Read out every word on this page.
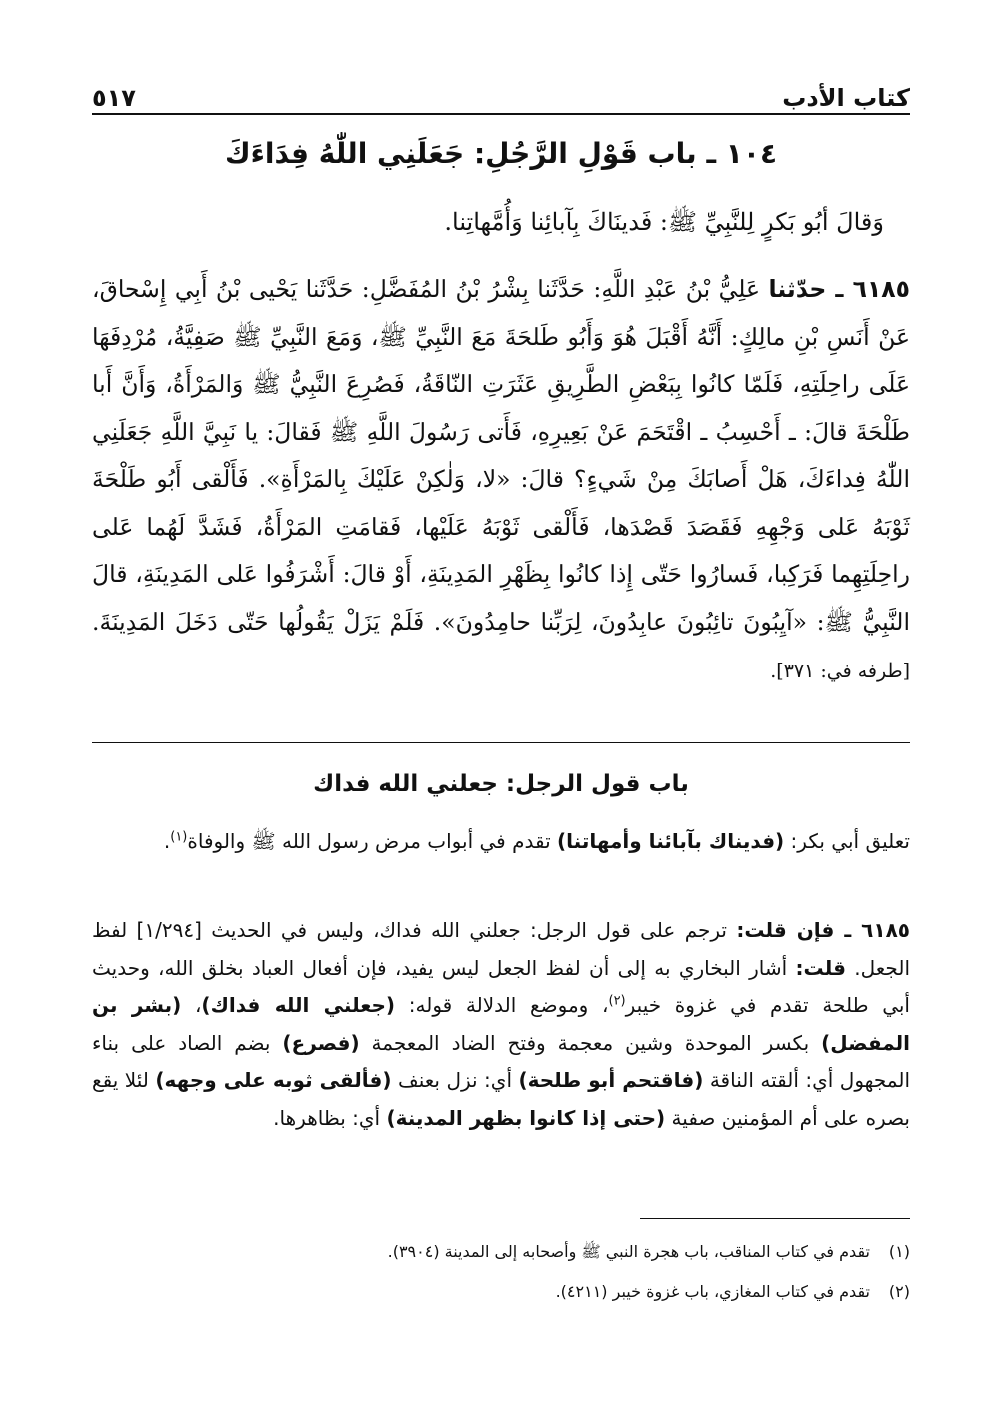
كتاب الأدب
٥١٧
١٠٤ ـ باب قَوْلِ الرَّجُلِ: جَعَلَنِي اللّٰهُ فِدَاءَكَ
وَقالَ أبُو بَكرٍ لِلنَّبِيِّ ﷺ: فَدينَاكَ بِآبائِنا وَأُمَّهاتِنا.
٦١٨٥ ـ حدّثنا عَلِيُّ بْنُ عَبْدِ اللَّهِ: حَدَّثَنا بِشْرُ بْنُ المُفَضَّلِ: حَدَّثَنا يَحْيى بْنُ أَبِي إِسْحاقَ، عَنْ أَنَسِ بْنِ مالِكٍ: أَنَّهُ أَقْبَلَ هُوَ وَأَبُو طَلحَةَ مَعَ النَّبِيِّ ﷺ، وَمَعَ النَّبِيِّ ﷺ صَفِيَّةُ، مُرْدِفَهَا عَلَى راحِلَتِهِ، فَلَمّا كانُوا بِبَعْضِ الطَّرِيقِ عَثَرَتِ النّاقَةُ، فَصُرِعَ النَّبِيُّ ﷺ وَالمَرْأَةُ، وَأَنَّ أَبا طَلْحَةَ قالَ: ـ أَحْسِبُ ـ اقْتَحَمَ عَنْ بَعِيرِهِ، فَأَتى رَسُولَ اللَّهِ ﷺ فَقالَ: يا نَبِيَّ اللَّهِ جَعَلَنِي اللّٰهُ فِداءَكَ، هَلْ أَصابَكَ مِنْ شَيءٍ؟ قالَ: «لا، وَلٰكِنْ عَلَيْكَ بِالمَرْأَةِ». فَأَلْقى أَبُو طَلْحَةَ ثَوْبَهُ عَلى وَجْهِهِ فَقَصَدَ قَصْدَها، فَأَلْقى ثَوْبَهُ عَلَيْها، فَقامَتِ المَرْأَةُ، فَشَدَّ لَهُما عَلى راحِلَتِهِما فَرَكِبا، فَسارُوا حَتّى إِذا كانُوا بِظَهْرِ المَدِينَةِ، أَوْ قالَ: أَشْرَفُوا عَلى المَدِينَةِ، قالَ النَّبِيُّ ﷺ: «آيِبُونَ تائِبُونَ عابِدُونَ، لِرَبِّنا حامِدُونَ». فَلَمْ يَزَلْ يَقُولُها حَتّى دَخَلَ المَدِينَةَ. [طرفه في: ٣٧١].
باب قول الرجل: جعلني الله فداك
تعليق أبي بكر: (فديناك بآبائنا وأمهاتنا) تقدم في أبواب مرض رسول الله ﷺ والوفاة$^{(١)}$.
٦١٨٥ ـ فإن قلت: ترجم على قول الرجل: جعلني الله فداك، وليس في الحديث [١/٢٩٤] لفظ الجعل. قلت: أشار البخاري به إلى أن لفظ الجعل ليس يفيد، فإن أفعال العباد بخلق الله، وحديث أبي طلحة تقدم في غزوة خيبر$^{(٢)}$، وموضع الدلالة قوله: (جعلني الله فداك)، (بشر بن المفضل) بكسر الموحدة وشين معجمة وفتح الضاد المعجمة (فصرع) بضم الصاد على بناء المجهول أي: ألقته الناقة (فاقتحم أبو طلحة) أي: نزل بعنف (فألقى ثوبه على وجهه) لئلا يقع بصره على أم المؤمنين صفية (حتى إذا كانوا بظهر المدينة) أي: بظاهرها.
(١)
تقدم في كتاب المناقب، باب هجرة النبي ﷺ وأصحابه إلى المدينة (٣٩٠٤).
(٢)
تقدم في كتاب المغازي، باب غزوة خيبر (٤٢١١).
